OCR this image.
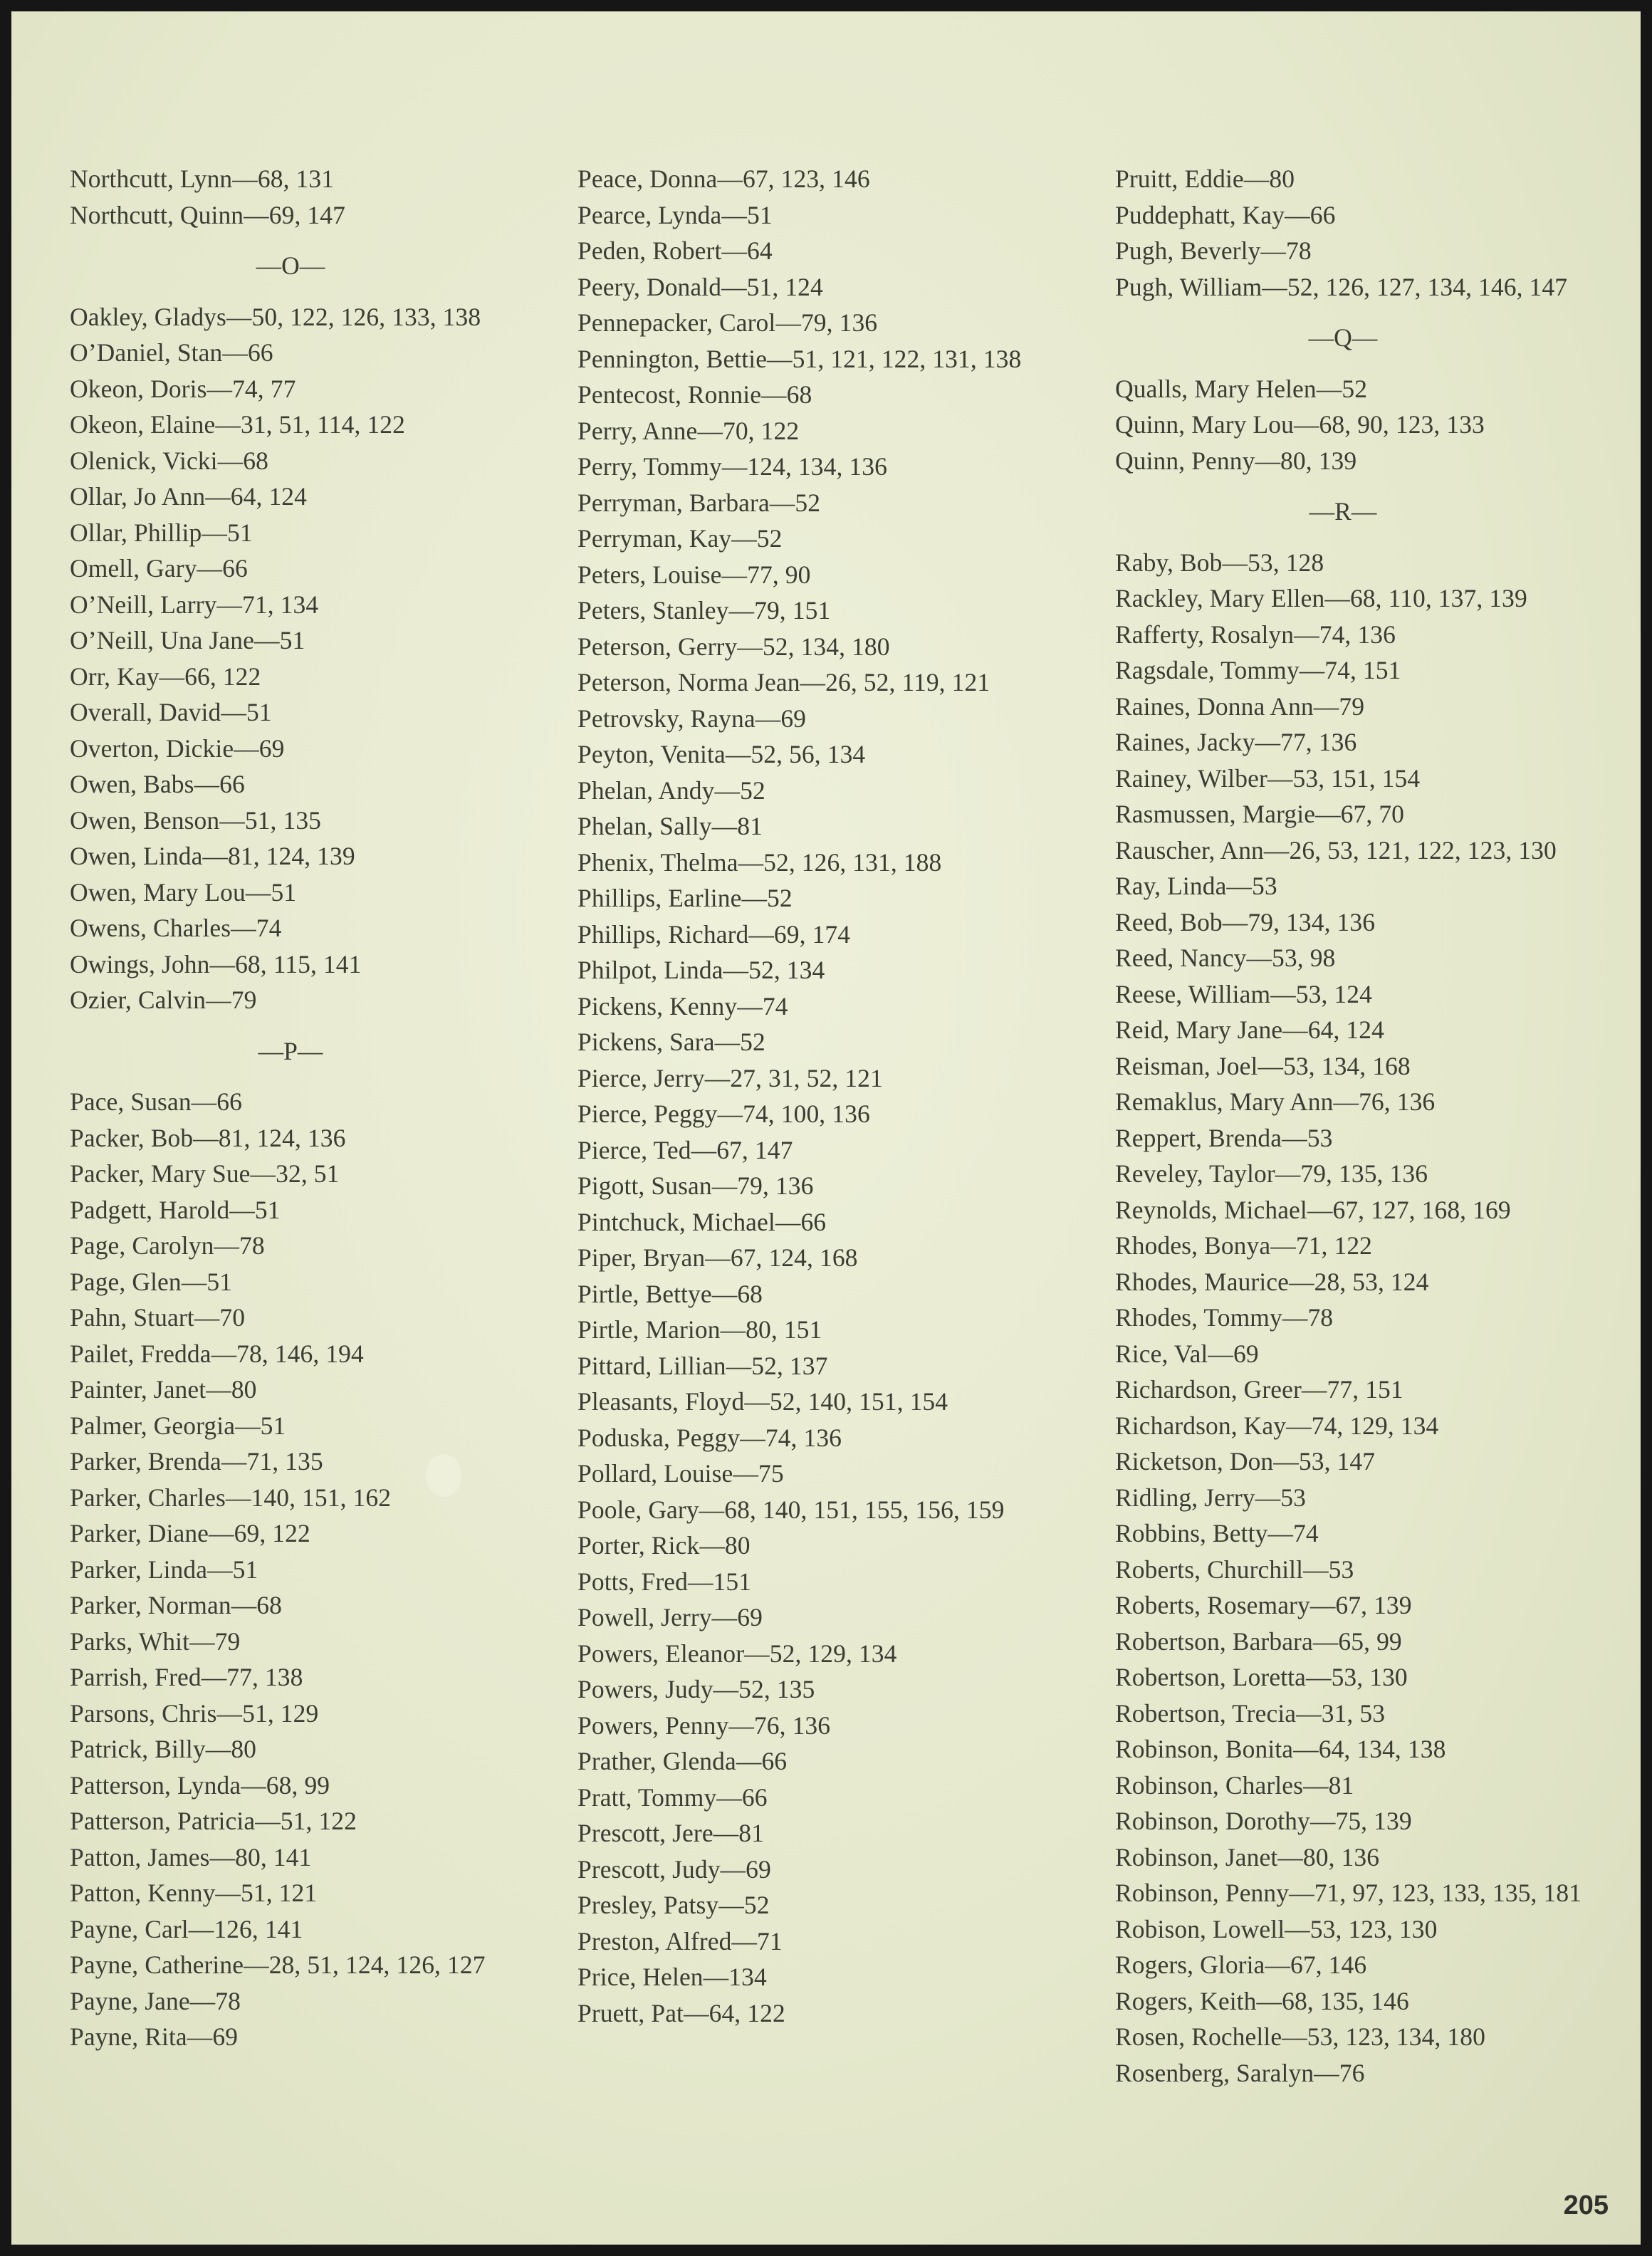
Northcutt, Lynn—68, 131
Northcutt, Quinn—69, 147
—O—
Oakley, Gladys—50, 122, 126, 133, 138
O’Daniel, Stan—66
Okeon, Doris—74, 77
Okeon, Elaine—31, 51, 114, 122
Olenick, Vicki—68
Ollar, Jo Ann—64, 124
Ollar, Phillip—51
Omell, Gary—66
O’Neill, Larry—71, 134
O’Neill, Una Jane—51
Orr, Kay—66, 122
Overall, David—51
Overton, Dickie—69
Owen, Babs—66
Owen, Benson—51, 135
Owen, Linda—81, 124, 139
Owen, Mary Lou—51
Owens, Charles—74
Owings, John—68, 115, 141
Ozier, Calvin—79
—P—
Pace, Susan—66
Packer, Bob—81, 124, 136
Packer, Mary Sue—32, 51
Padgett, Harold—51
Page, Carolyn—78
Page, Glen—51
Pahn, Stuart—70
Pailet, Fredda—78, 146, 194
Painter, Janet—80
Palmer, Georgia—51
Parker, Brenda—71, 135
Parker, Charles—140, 151, 162
Parker, Diane—69, 122
Parker, Linda—51
Parker, Norman—68
Parks, Whit—79
Parrish, Fred—77, 138
Parsons, Chris—51, 129
Patrick, Billy—80
Patterson, Lynda—68, 99
Patterson, Patricia—51, 122
Patton, James—80, 141
Patton, Kenny—51, 121
Payne, Carl—126, 141
Payne, Catherine—28, 51, 124, 126, 127
Payne, Jane—78
Payne, Rita—69
Peace, Donna—67, 123, 146
Pearce, Lynda—51
Peden, Robert—64
Peery, Donald—51, 124
Pennepacker, Carol—79, 136
Pennington, Bettie—51, 121, 122, 131, 138
Pentecost, Ronnie—68
Perry, Anne—70, 122
Perry, Tommy—124, 134, 136
Perryman, Barbara—52
Perryman, Kay—52
Peters, Louise—77, 90
Peters, Stanley—79, 151
Peterson, Gerry—52, 134, 180
Peterson, Norma Jean—26, 52, 119, 121
Petrovsky, Rayna—69
Peyton, Venita—52, 56, 134
Phelan, Andy—52
Phelan, Sally—81
Phenix, Thelma—52, 126, 131, 188
Phillips, Earline—52
Phillips, Richard—69, 174
Philpot, Linda—52, 134
Pickens, Kenny—74
Pickens, Sara—52
Pierce, Jerry—27, 31, 52, 121
Pierce, Peggy—74, 100, 136
Pierce, Ted—67, 147
Pigott, Susan—79, 136
Pintchuck, Michael—66
Piper, Bryan—67, 124, 168
Pirtle, Bettye—68
Pirtle, Marion—80, 151
Pittard, Lillian—52, 137
Pleasants, Floyd—52, 140, 151, 154
Poduska, Peggy—74, 136
Pollard, Louise—75
Poole, Gary—68, 140, 151, 155, 156, 159
Porter, Rick—80
Potts, Fred—151
Powell, Jerry—69
Powers, Eleanor—52, 129, 134
Powers, Judy—52, 135
Powers, Penny—76, 136
Prather, Glenda—66
Pratt, Tommy—66
Prescott, Jere—81
Prescott, Judy—69
Presley, Patsy—52
Preston, Alfred—71
Price, Helen—134
Pruett, Pat—64, 122
Pruitt, Eddie—80
Puddephatt, Kay—66
Pugh, Beverly—78
Pugh, William—52, 126, 127, 134, 146, 147
—Q—
Qualls, Mary Helen—52
Quinn, Mary Lou—68, 90, 123, 133
Quinn, Penny—80, 139
—R—
Raby, Bob—53, 128
Rackley, Mary Ellen—68, 110, 137, 139
Rafferty, Rosalyn—74, 136
Ragsdale, Tommy—74, 151
Raines, Donna Ann—79
Raines, Jacky—77, 136
Rainey, Wilber—53, 151, 154
Rasmussen, Margie—67, 70
Rauscher, Ann—26, 53, 121, 122, 123, 130
Ray, Linda—53
Reed, Bob—79, 134, 136
Reed, Nancy—53, 98
Reese, William—53, 124
Reid, Mary Jane—64, 124
Reisman, Joel—53, 134, 168
Remaklus, Mary Ann—76, 136
Reppert, Brenda—53
Reveley, Taylor—79, 135, 136
Reynolds, Michael—67, 127, 168, 169
Rhodes, Bonya—71, 122
Rhodes, Maurice—28, 53, 124
Rhodes, Tommy—78
Rice, Val—69
Richardson, Greer—77, 151
Richardson, Kay—74, 129, 134
Ricketson, Don—53, 147
Ridling, Jerry—53
Robbins, Betty—74
Roberts, Churchill—53
Roberts, Rosemary—67, 139
Robertson, Barbara—65, 99
Robertson, Loretta—53, 130
Robertson, Trecia—31, 53
Robinson, Bonita—64, 134, 138
Robinson, Charles—81
Robinson, Dorothy—75, 139
Robinson, Janet—80, 136
Robinson, Penny—71, 97, 123, 133, 135, 181
Robison, Lowell—53, 123, 130
Rogers, Gloria—67, 146
Rogers, Keith—68, 135, 146
Rosen, Rochelle—53, 123, 134, 180
Rosenberg, Saralyn—76
205
